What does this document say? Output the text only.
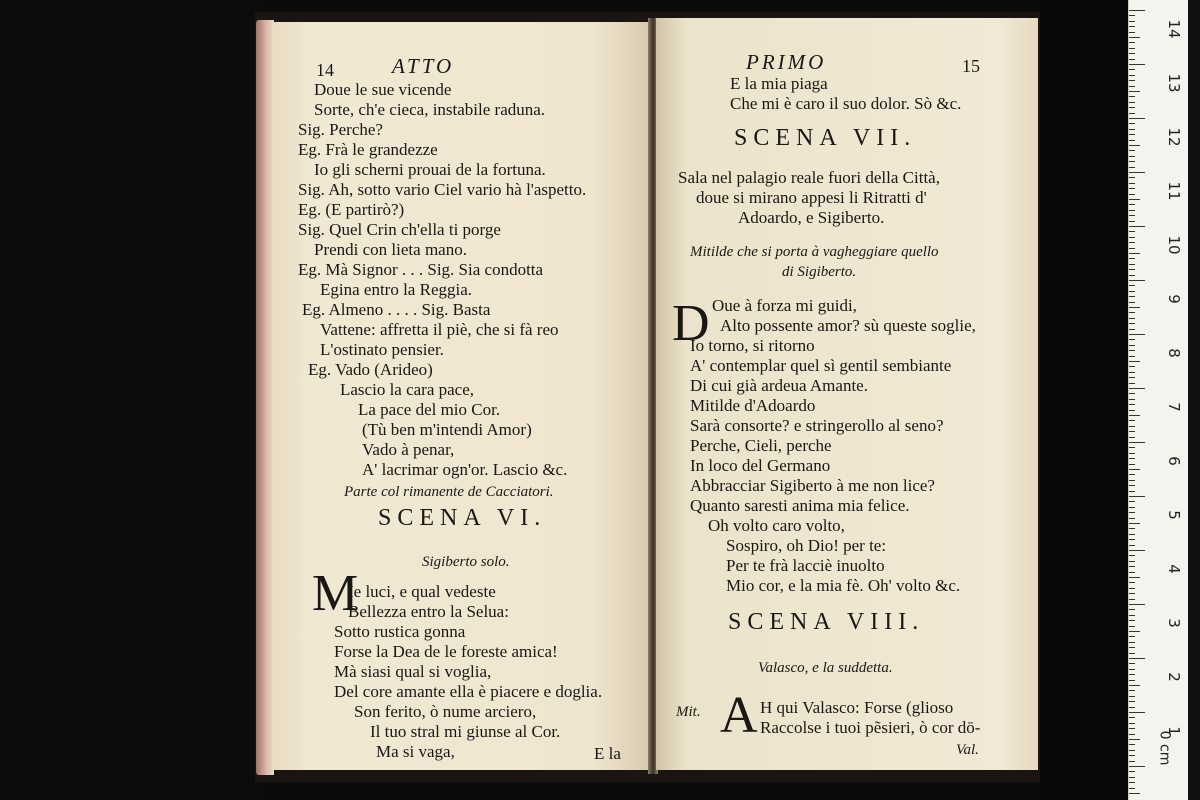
14	ATTO
Doue le sue vicende
Sorte, ch'e cieca, instabile raduna.
Sig. Perche?
Eg. Frà le grandezze
Io gli scherni prouai de la fortuna.
Sig. Ah, sotto vario Ciel vario hà l'aspetto.
Eg. (E partirò?)
Sig. Quel Crin ch'ella ti porge
Prendi con lieta mano.
Eg. Mà Signor . . . Sig. Sia condotta
Egina entro la Reggia.
Eg. Almeno . . . . Sig. Basta
Vattene: affretta il piè, che si fà reo
L'ostinato pensier.
Eg. Vado (Arideo)
Lascio la cara pace,
La pace del mio Cor.
(Tù ben m'intendi Amor)
Vado à penar,
A' lacrimar ogn'or. Lascio &c.
Parte col rimanente de Cacciatori.
SCENA VI.
Sigiberto solo.
M
Ie luci, e qual vedeste
Bellezza entro la Selua:
Sotto rustica gonna
Forse la Dea de le foreste amica!
Mà siasi qual si voglia,
Del core amante ella è piacere e doglia.
Son ferito, ò nume arciero,
Il tuo stral mi giunse al Cor.
Ma si vaga,	E la
PRIMO	15
E la mia piaga
Che mi è caro il suo dolor. Sò &c.
SCENA VII.
Sala nel palagio reale fuori della Città,
doue si mirano appesi li Ritratti d'
Adoardo, e Sigiberto.
Mitilde che si porta à vagheggiare quello
di Sigiberto.
D Oue à forza mi guidi,
Alto possente amor? sù queste soglie,
Io torno, si ritorno
A' contemplar quel sì gentil sembiante
Di cui già ardeua Amante.
Mitilde d'Adoardo
Sarà consorte? e stringerollo al seno?
Perche, Cieli, perche
In loco del Germano
Abbracciar Sigiberto à me non lice?
Quanto saresti anima mia felice.
Oh volto caro volto,
Sospiro, oh Dio! per te:
Per te frà lacciè inuolto
Mio cor, e la mia fè. Oh' volto &c.
SCENA VIII.
Valasco, e la suddetta.
Mit. A H qui Valasco: Forse (glioso
Raccolse i tuoi pẽsieri, ò cor dō-
Val.
14
13
12
11
10
9
8
7
6
5
4
3
2
1
0 cm
